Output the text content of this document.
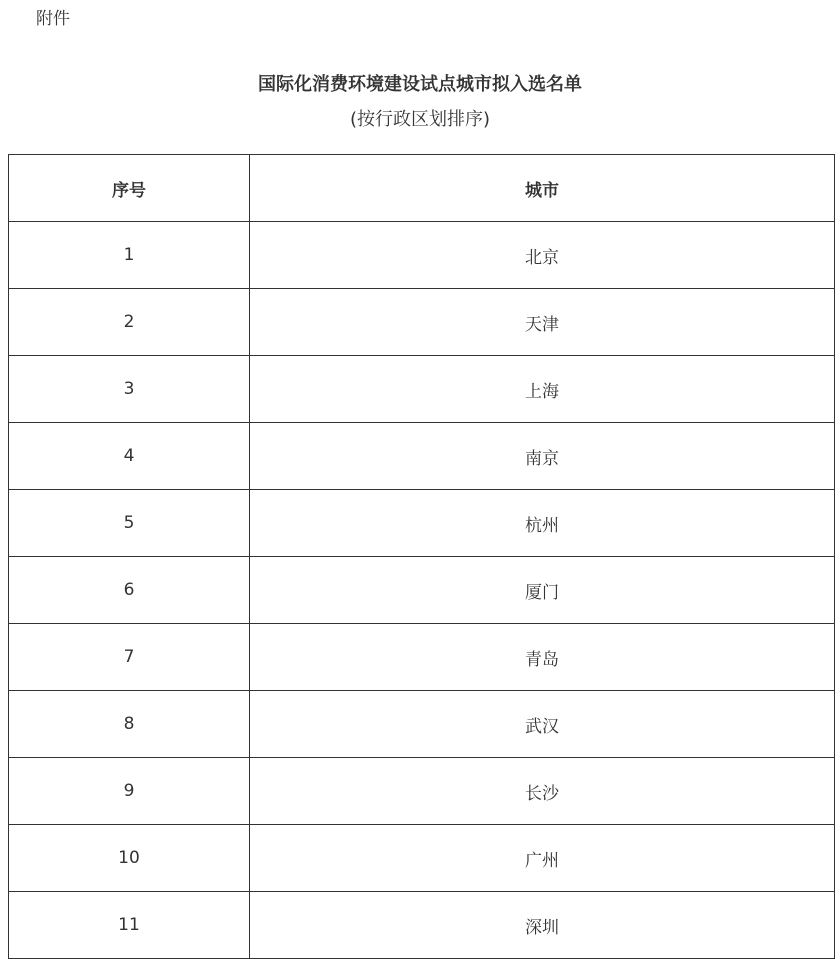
附件
国际化消费环境建设试点城市拟入选名单
(按行政区划排序)
序号	城市
1	北京
2	天津
3	上海
4	南京
5	杭州
6	厦门
7	青岛
8	武汉
9	长沙
10	广州
11	深圳
